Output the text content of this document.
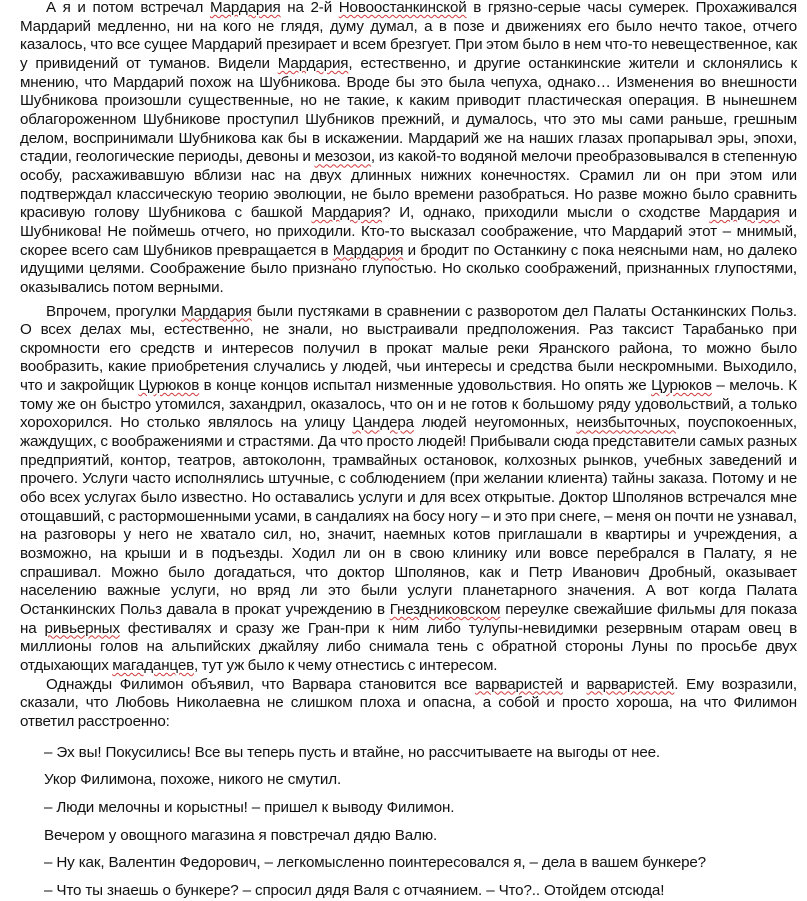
А я и потом встречал Мардария на 2-й Новоостанкинской в грязно-серые часы сумерек. Прохаживался Мардарий медленно, ни на кого не глядя, думу думал, а в позе и движениях его было нечто такое, отчего казалось, что все сущее Мардарий презирает и всем брезгует. При этом было в нем что-то невещественное, как у привидений от туманов. Видели Мардария, естественно, и другие останкинские жители и склонялись к мнению, что Мардарий похож на Шубникова. Вроде бы это была чепуха, однако… Изменения во внешности Шубникова произошли существенные, но не такие, к каким приводит пластическая операция. В нынешнем облагороженном Шубникове проступил Шубников прежний, и думалось, что это мы сами раньше, грешным делом, воспринимали Шубникова как бы в искажении. Мардарий же на наших глазах пропарывал эры, эпохи, стадии, геологические периоды, девоны и мезозои, из какой-то водяной мелочи преобразовывался в степенную особу, расхаживавшую вблизи нас на двух длинных нижних конечностях. Срамил ли он при этом или подтверждал классическую теорию эволюции, не было времени разобраться. Но разве можно было сравнить красивую голову Шубникова с башкой Мардария? И, однако, приходили мысли о сходстве Мардария и Шубникова! Не поймешь отчего, но приходили. Кто-то высказал соображение, что Мардарий этот – мнимый, скорее всего сам Шубников превращается в Мардария и бродит по Останкину с пока неясными нам, но далеко идущими целями. Соображение было признано глупостью. Но сколько соображений, признанных глупостями, оказывались потом верными.

Впрочем, прогулки Мардария были пустяками в сравнении с разворотом дел Палаты Останкинских Польз. О всех делах мы, естественно, не знали, но выстраивали предположения. Раз таксист Тарабанько при скромности его средств и интересов получил в прокат малые реки Яранского района, то можно было вообразить, какие приобретения случались у людей, чьи интересы и средства были нескромными. Выходило, что и закройщик Цурюков в конце концов испытал низменные удовольствия. Но опять же Цурюков – мелочь. К тому же он быстро утомился, захандрил, оказалось, что он и не готов к большому ряду удовольствий, а только хорохорился. Но столько являлось на улицу Цандера людей неугомонных, неизбыточных, поуспокоенных, жаждущих, с воображениями и страстями. Да что просто людей! Прибывали сюда представители самых разных предприятий, контор, театров, автоколонн, трамвайных остановок, колхозных рынков, учебных заведений и прочего. Услуги часто исполнялись штучные, с соблюдением (при желании клиента) тайны заказа. Потому и не обо всех услугах было известно. Но оставались услуги и для всех открытые. Доктор Шполянов встречался мне отощавший, с растормошенными усами, в сандалиях на босу ногу – и это при снеге, – меня он почти не узнавал, на разговоры у него не хватало сил, но, значит, наемных котов приглашали в квартиры и учреждения, а возможно, на крыши и в подъезды. Ходил ли он в свою клинику или вовсе перебрался в Палату, я не спрашивал. Можно было догадаться, что доктор Шполянов, как и Петр Иванович Дробный, оказывает населению важные услуги, но вряд ли это были услуги планетарного значения. А вот когда Палата Останкинских Польз давала в прокат учреждению в Гнездниковском переулке свежайшие фильмы для показа на ривьерных фестивалях и сразу же Гран-при к ним либо тулупы-невидимки резервным отарам овец в миллионы голов на альпийских джайляу либо снимала тень с обратной стороны Луны по просьбе двух отдыхающих магаданцев, тут уж было к чему отнестись с интересом.

Однажды Филимон объявил, что Варвара становится все варваристей и варваристей. Ему возразили, сказали, что Любовь Николаевна не слишком плоха и опасна, а собой и просто хороша, на что Филимон ответил расстроенно:

– Эх вы! Покусились! Все вы теперь пусть и втайне, но рассчитываете на выгоды от нее.

Укор Филимона, похоже, никого не смутил.

– Люди мелочны и корыстны! – пришел к выводу Филимон.

Вечером у овощного магазина я повстречал дядю Валю.

– Ну как, Валентин Федорович, – легкомысленно поинтересовался я, – дела в вашем бункере?

– Что ты знаешь о бункере? – спросил дядя Валя с отчаянием. – Что?.. Отойдем отсюда!
